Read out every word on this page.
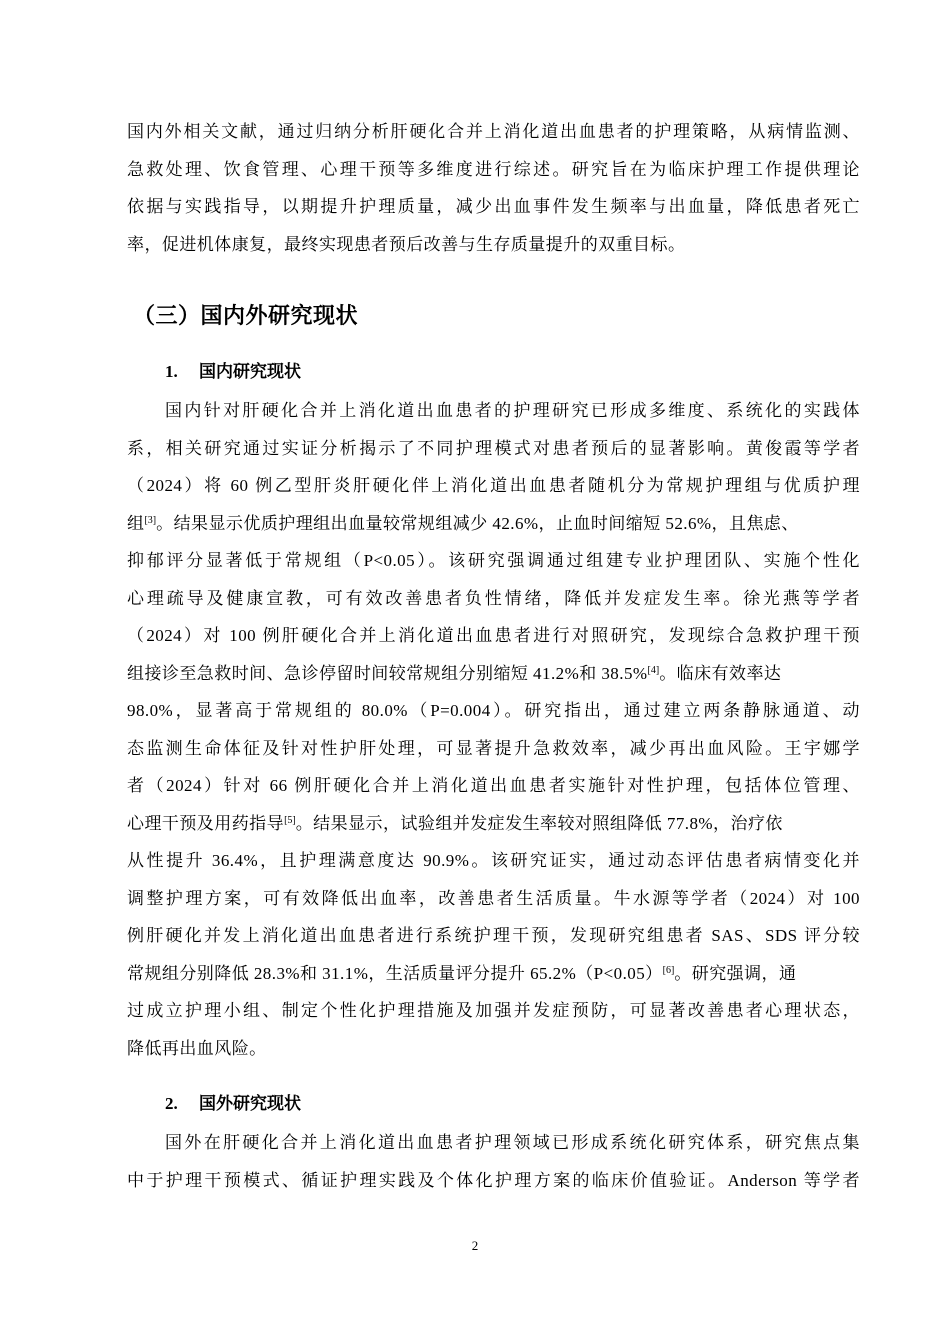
国内外相关文献，通过归纳分析肝硬化合并上消化道出血患者的护理策略，从病情监测、
急救处理、饮食管理、心理干预等多维度进行综述。研究旨在为临床护理工作提供理论
依据与实践指导，以期提升护理质量，减少出血事件发生频率与出血量，降低患者死亡
率，促进机体康复，最终实现患者预后改善与生存质量提升的双重目标。
（三）国内外研究现状
1. 国内研究现状
国内针对肝硬化合并上消化道出血患者的护理研究已形成多维度、系统化的实践体
系，相关研究通过实证分析揭示了不同护理模式对患者预后的显著影响。黄俊霞等学者
（2024）将 60 例乙型肝炎肝硬化伴上消化道出血患者随机分为常规护理组与优质护理
组[3]。结果显示优质护理组出血量较常规组减少 42.6%，止血时间缩短 52.6%，且焦虑、
抑郁评分显著低于常规组（P<0.05）。该研究强调通过组建专业护理团队、实施个性化
心理疏导及健康宣教，可有效改善患者负性情绪，降低并发症发生率。徐光燕等学者
（2024）对 100 例肝硬化合并上消化道出血患者进行对照研究，发现综合急救护理干预
组接诊至急救时间、急诊停留时间较常规组分别缩短 41.2%和 38.5%[4]。临床有效率达
98.0%，显著高于常规组的 80.0%（P=0.004）。研究指出，通过建立两条静脉通道、动
态监测生命体征及针对性护肝处理，可显著提升急救效率，减少再出血风险。王宇娜学
者（2024）针对 66 例肝硬化合并上消化道出血患者实施针对性护理，包括体位管理、
心理干预及用药指导[5]。结果显示，试验组并发症发生率较对照组降低 77.8%，治疗依
从性提升 36.4%，且护理满意度达 90.9%。该研究证实，通过动态评估患者病情变化并
调整护理方案，可有效降低出血率，改善患者生活质量。牛水源等学者（2024）对 100
例肝硬化并发上消化道出血患者进行系统护理干预，发现研究组患者 SAS、SDS 评分较
常规组分别降低 28.3%和 31.1%，生活质量评分提升 65.2%（P<0.05）[6]。研究强调，通
过成立护理小组、制定个性化护理措施及加强并发症预防，可显著改善患者心理状态，
降低再出血风险。
2. 国外研究现状
国外在肝硬化合并上消化道出血患者护理领域已形成系统化研究体系，研究焦点集
中于护理干预模式、循证护理实践及个体化护理方案的临床价值验证。Anderson 等学者
2
